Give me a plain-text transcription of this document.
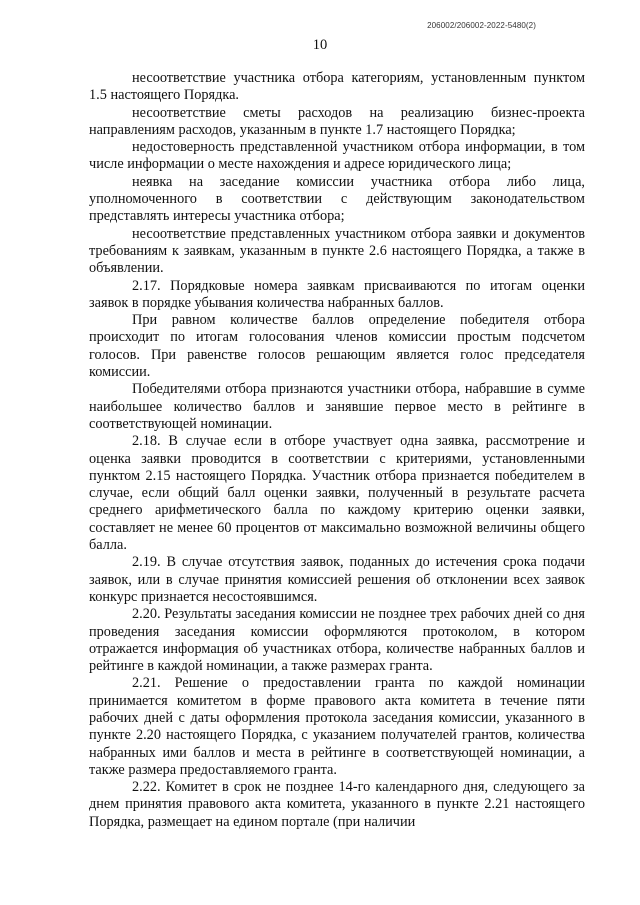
206002/206002-2022-5480(2)
10

несоответствие участника отбора категориям, установленным пунктом 1.5 настоящего Порядка.

несоответствие сметы расходов на реализацию бизнес-проекта направлениям расходов, указанным в пункте 1.7 настоящего Порядка;

недостоверность представленной участником отбора информации, в том числе информации о месте нахождения и адресе юридического лица;

неявка на заседание комиссии участника отбора либо лица, уполномоченного в соответствии с действующим законодательством представлять интересы участника отбора;

несоответствие представленных участником отбора заявки и документов требованиям к заявкам, указанным в пункте 2.6 настоящего Порядка, а также в объявлении.

2.17. Порядковые номера заявкам присваиваются по итогам оценки заявок в порядке убывания количества набранных баллов.

При равном количестве баллов определение победителя отбора происходит по итогам голосования членов комиссии простым подсчетом голосов. При равенстве голосов решающим является голос председателя комиссии.

Победителями отбора признаются участники отбора, набравшие в сумме наибольшее количество баллов и занявшие первое место в рейтинге в соответствующей номинации.

2.18. В случае если в отборе участвует одна заявка, рассмотрение и оценка заявки проводится в соответствии с критериями, установленными пунктом 2.15 настоящего Порядка. Участник отбора признается победителем в случае, если общий балл оценки заявки, полученный в результате расчета среднего арифметического балла по каждому критерию оценки заявки, составляет не менее 60 процентов от максимально возможной величины общего балла.

2.19. В случае отсутствия заявок, поданных до истечения срока подачи заявок, или в случае принятия комиссией решения об отклонении всех заявок конкурс признается несостоявшимся.

2.20. Результаты заседания комиссии не позднее трех рабочих дней со дня проведения заседания комиссии оформляются протоколом, в котором отражается информация об участниках отбора, количестве набранных баллов и рейтинге в каждой номинации, а также размерах гранта.

2.21. Решение о предоставлении гранта по каждой номинации принимается комитетом в форме правового акта комитета в течение пяти рабочих дней с даты оформления протокола заседания комиссии, указанного в пункте 2.20 настоящего Порядка, с указанием получателей грантов, количества набранных ими баллов и места в рейтинге в соответствующей номинации, а также размера предоставляемого гранта.

2.22. Комитет в срок не позднее 14-го календарного дня, следующего за днем принятия правового акта комитета, указанного в пункте 2.21 настоящего Порядка, размещает на едином портале (при наличии
